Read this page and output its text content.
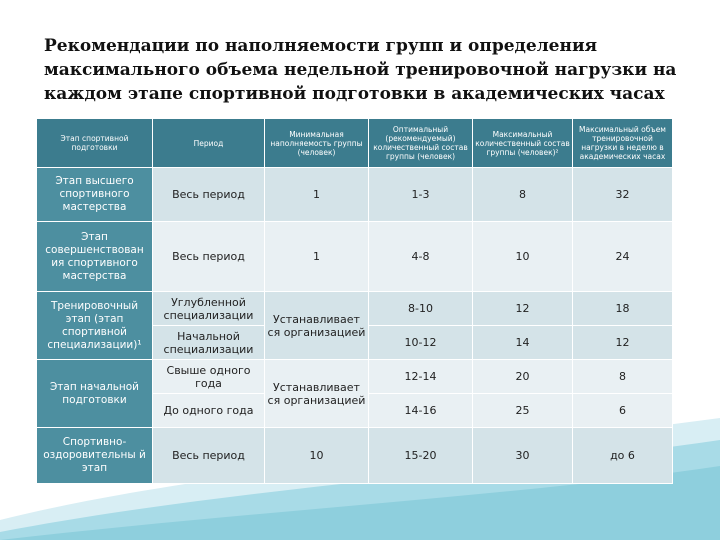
Рекомендации по наполняемости групп и определения
максимального объема недельной тренировочной нагрузки на
каждом этапе спортивной подготовки в академических часах
Этап спортивной подготовки	Период	Минимальная наполняемость группы (человек)	Оптимальный (рекомендуемый) количественный состав группы (человек)	Максимальный количественный состав группы (человек)²	Максимальный объем тренировочной нагрузки в неделю в академических часах
Этап высшего спортивного мастерства	Весь период	1	1-3	8	32
Этап совершенствован ия спортивного мастерства	Весь период	1	4-8	10	24
Тренировочный этап (этап спортивной специализации)¹	Углубленной специализации	Устанавливает ся организацией	8-10	12	18
	Начальной специализации		10-12	14	12
Этап начальной подготовки	Свыше одного года	Устанавливает ся организацией	12-14	20	8
	До одного года		14-16	25	6
Спортивно-оздоровительны й этап	Весь период	10	15-20	30	до 6
